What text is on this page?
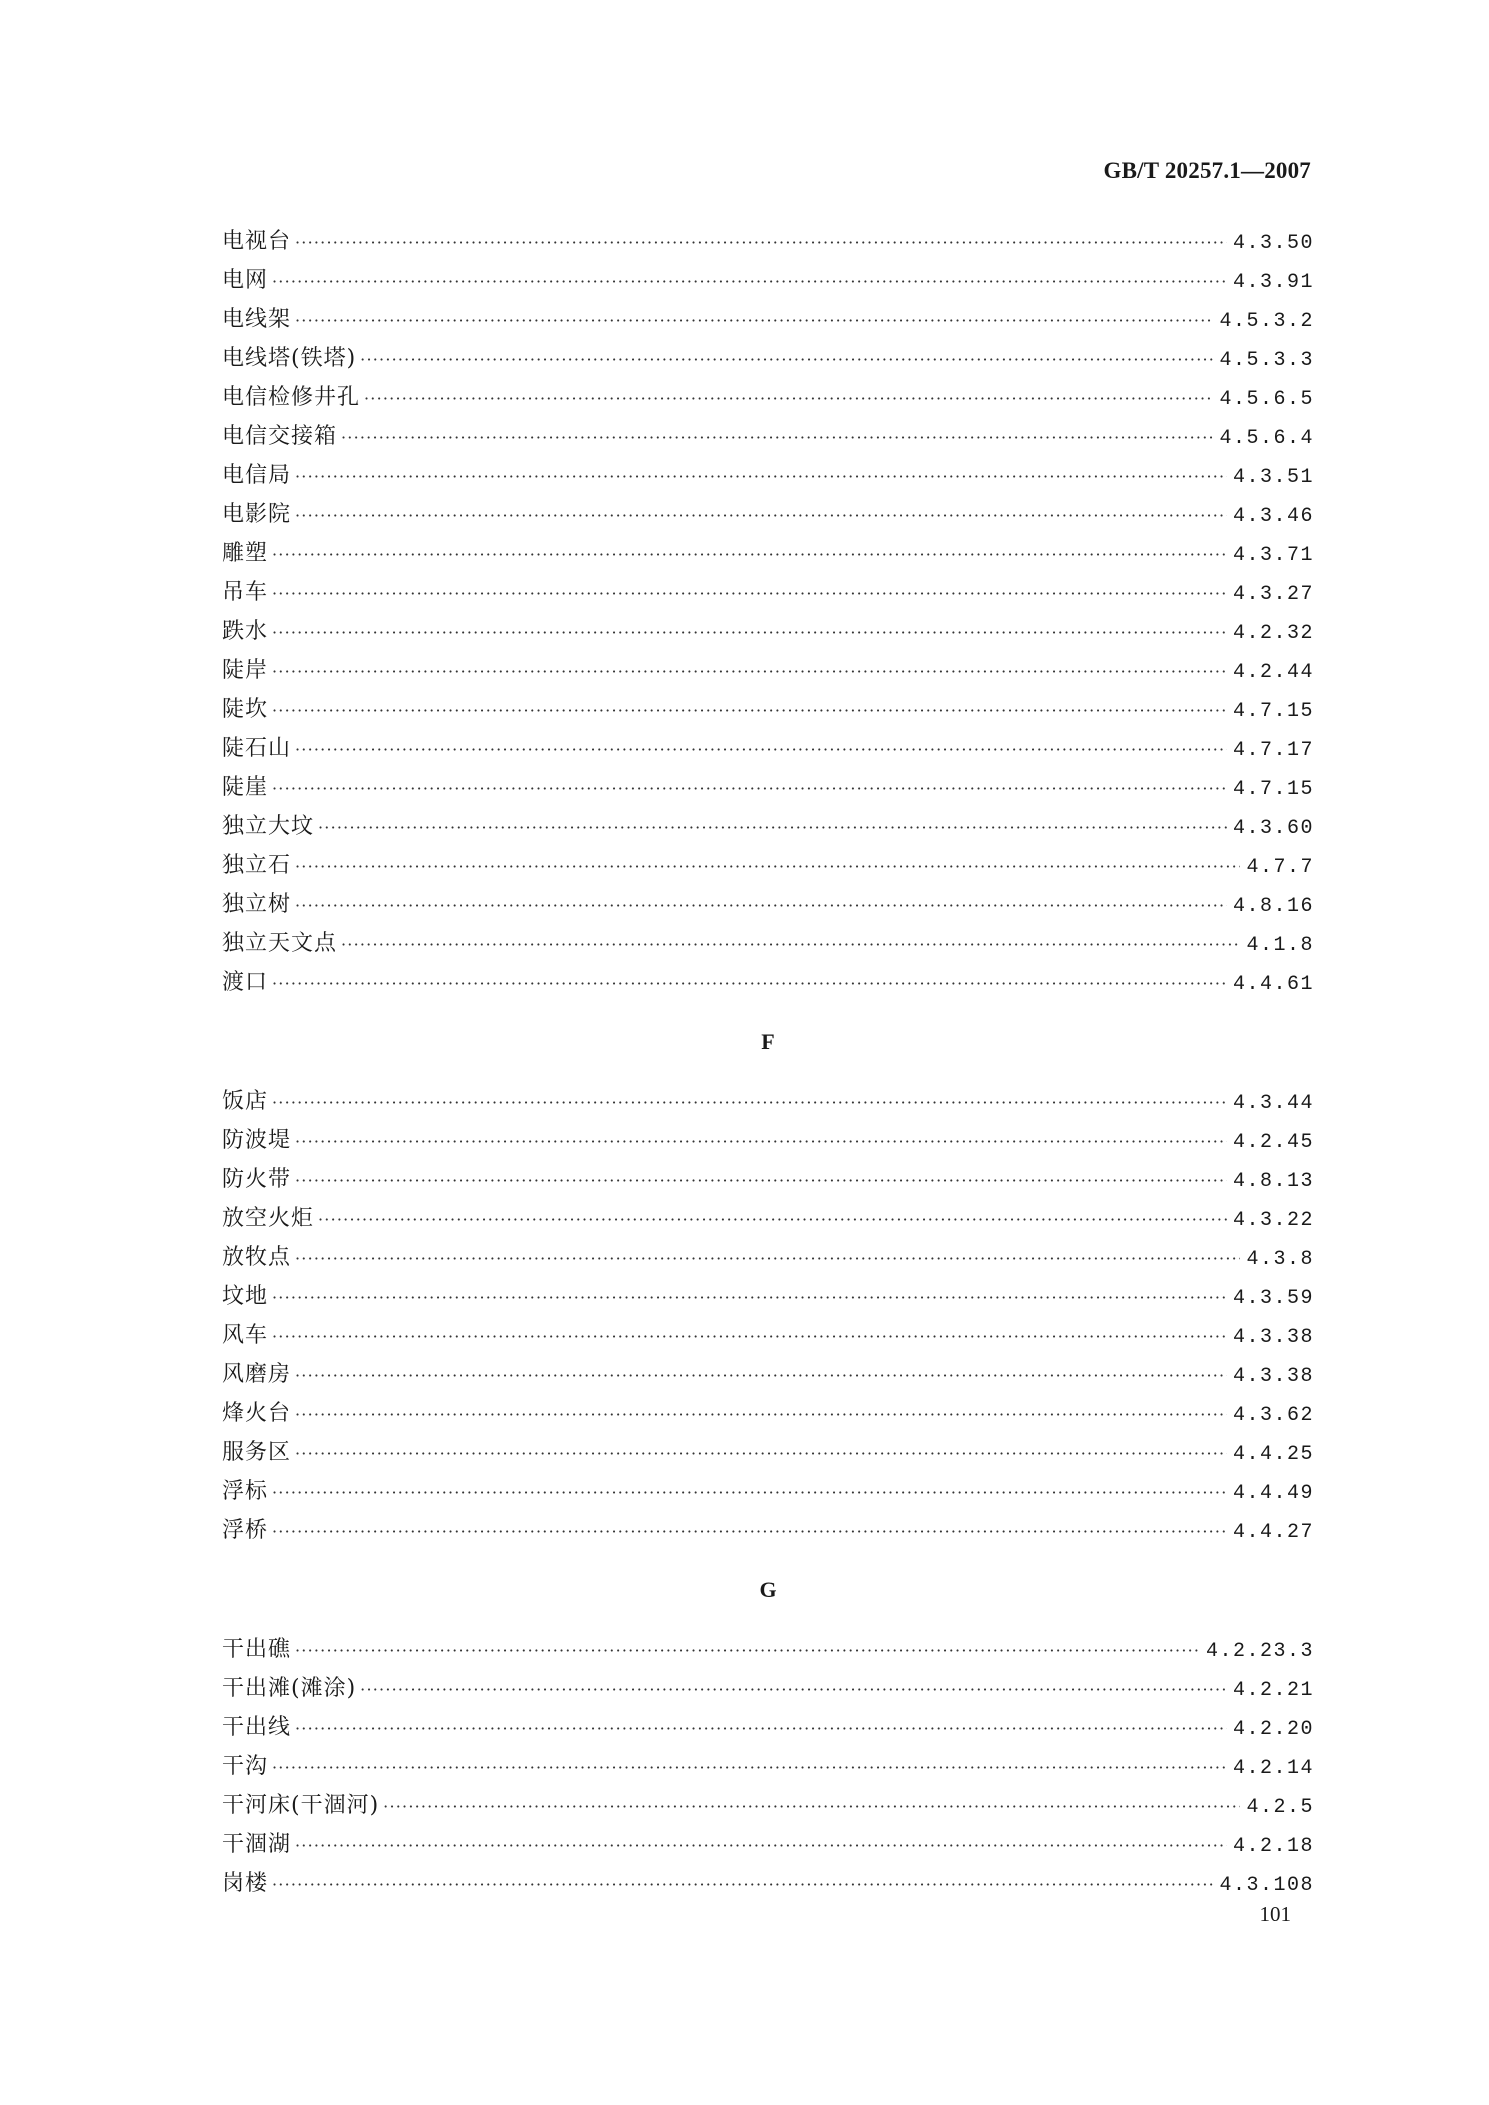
GB/T 20257.1—2007
电视台 ·····	4.3.50
电网 ·····	4.3.91
电线架 ·····	4.5.3.2
电线塔(铁塔) ·····	4.5.3.3
电信检修井孔 ·····	4.5.6.5
电信交接箱 ·····	4.5.6.4
电信局 ·····	4.3.51
电影院 ·····	4.3.46
雕塑 ·····	4.3.71
吊车 ·····	4.3.27
跌水 ·····	4.2.32
陡岸 ·····	4.2.44
陡坎 ·····	4.7.15
陡石山 ·····	4.7.17
陡崖 ·····	4.7.15
独立大坟 ·····	4.3.60
独立石 ·····	4.7.7
独立树 ·····	4.8.16
独立天文点 ·····	4.1.8
渡口 ·····	4.4.61
F
饭店 ·····	4.3.44
防波堤 ·····	4.2.45
防火带 ·····	4.8.13
放空火炬 ·····	4.3.22
放牧点 ·····	4.3.8
坟地 ·····	4.3.59
风车 ·····	4.3.38
风磨房 ·····	4.3.38
烽火台 ·····	4.3.62
服务区 ·····	4.4.25
浮标 ·····	4.4.49
浮桥 ·····	4.4.27
G
干出礁 ·····	4.2.23.3
干出滩(滩涂) ·····	4.2.21
干出线 ·····	4.2.20
干沟 ·····	4.2.14
干河床(干涸河) ·····	4.2.5
干涸湖 ·····	4.2.18
岗楼 ·····	4.3.108
101
